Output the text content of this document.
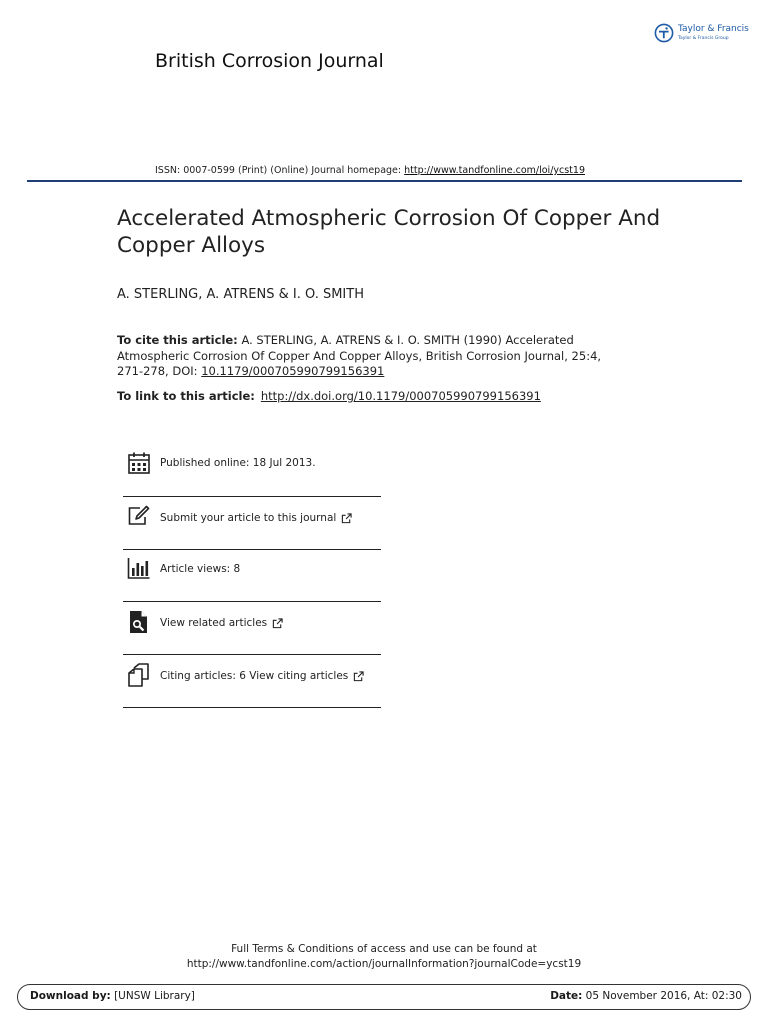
British Corrosion Journal
Taylor & Francis
Taylor & Francis Group
ISSN: 0007-0599 (Print) (Online) Journal homepage: http://www.tandfonline.com/loi/ycst19
Accelerated Atmospheric Corrosion Of Copper And Copper Alloys
A. STERLING, A. ATRENS & I. O. SMITH
To cite this article: A. STERLING, A. ATRENS & I. O. SMITH (1990) Accelerated Atmospheric Corrosion Of Copper And Copper Alloys, British Corrosion Journal, 25:4, 271-278, DOI: 10.1179/000705990799156391
To link to this article: http://dx.doi.org/10.1179/000705990799156391
Published online: 18 Jul 2013.
Submit your article to this journal
Article views: 8
View related articles
Citing articles: 6 View citing articles
Full Terms & Conditions of access and use can be found at
http://www.tandfonline.com/action/journalInformation?journalCode=ycst19
Download by: [UNSW Library]	Date: 05 November 2016, At: 02:30
